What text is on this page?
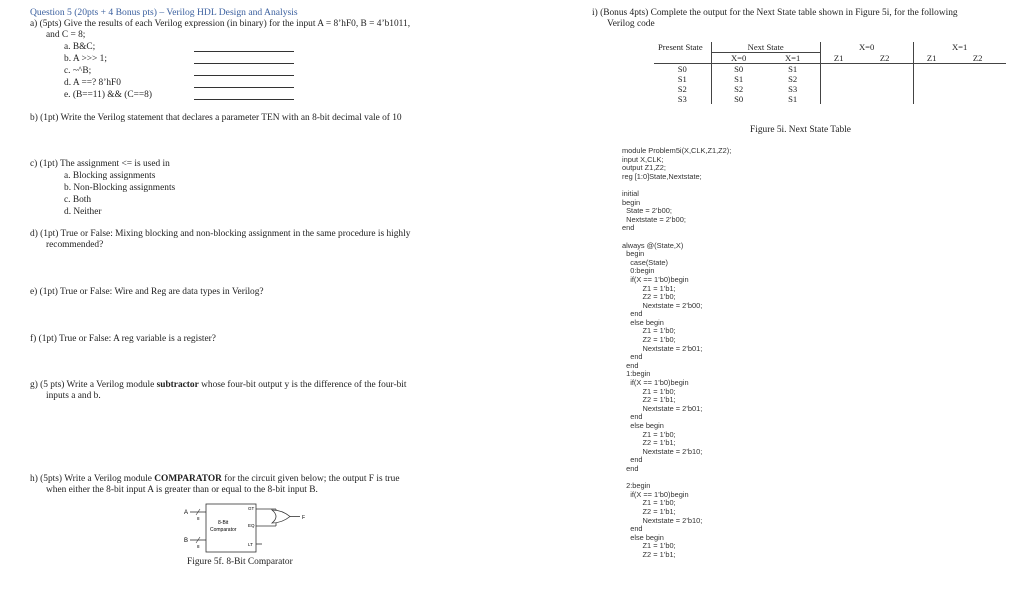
Question 5 (20pts + 4 Bonus pts) – Verilog HDL Design and Analysis
a) (5pts) Give the results of each Verilog expression (in binary) for the input A = 8’hF0, B = 4’b1011,
and C = 8;
a. B&C;
b. A >>> 1;
c. ~^B;
d. A ==? 8’hF0
e. (B==11) && (C==8)
b) (1pt) Write the Verilog statement that declares a parameter TEN with an 8-bit decimal vale of 10
c) (1pt) The assignment <= is used in
a. Blocking assignments
b. Non-Blocking assignments
c. Both
d. Neither
d) (1pt) True or False: Mixing blocking and non-blocking assignment in the same procedure is highly
recommended?
e) (1pt) True or False: Wire and Reg are data types in Verilog?
f) (1pt) True or False: A reg variable is a register?
g) (5 pts) Write a Verilog module subtractor whose four-bit output y is the difference of the four-bit
inputs a and b.
h) (5pts) Write a Verilog module COMPARATOR for the circuit given below; the output F is true
when either the 8-bit input A is greater than or equal to the 8-bit input B.
A
B
8
8
8-Bit
Comparator
GT
EQ
LT
F
Figure 5f. 8-Bit Comparator
i) (Bonus 4pts) Complete the output for the Next State table shown in Figure 5i, for the following
Verilog code
Present State	Next State		X=0		X=1	
	X=0	X=1	Z1	Z2	Z1	Z2
S0	S0	S1				
S1	S1	S2				
S2	S2	S3				
S3	S0	S1				
Figure 5i. Next State Table
module Problem5i(X,CLK,Z1,Z2);
input X,CLK;
output Z1,Z2;
reg [1:0]State,Nextstate;
initial
begin
State = 2’b00;
Nextstate = 2’b00;
end
always @(State,X)
begin
case(State)
0:begin
if(X == 1’b0)begin
Z1 = 1’b1;
Z2 = 1’b0;
Nextstate = 2’b00;
end
else begin
Z1 = 1’b0;
Z2 = 1’b0;
Nextstate = 2’b01;
end
end
1:begin
if(X == 1’b0)begin
Z1 = 1’b0;
Z2 = 1’b1;
Nextstate = 2’b01;
end
else begin
Z1 = 1’b0;
Z2 = 1’b1;
Nextstate = 2’b10;
end
end
2:begin
if(X == 1’b0)begin
Z1 = 1’b0;
Z2 = 1’b1;
Nextstate = 2’b10;
end
else begin
Z1 = 1’b0;
Z2 = 1’b1;
